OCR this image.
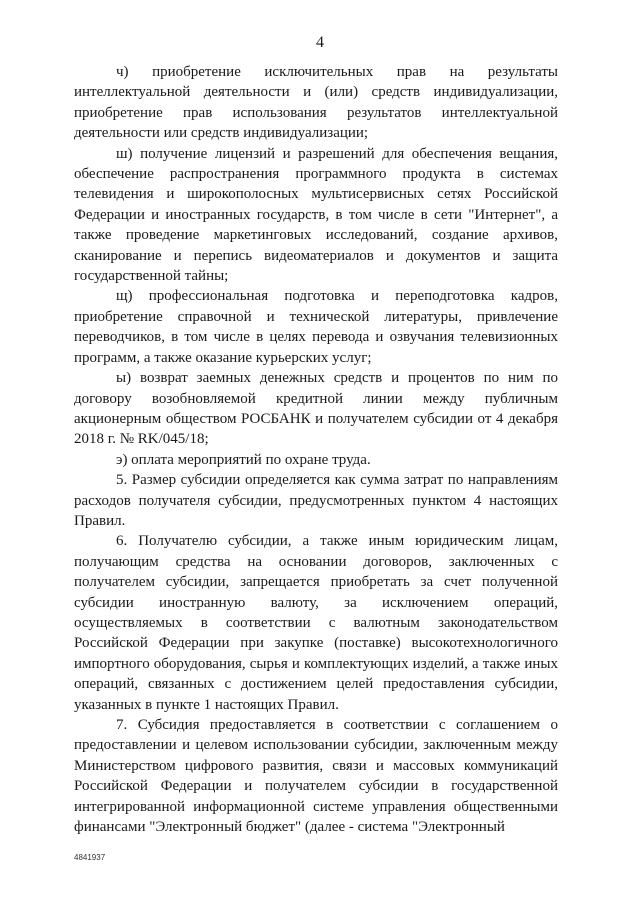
4

ч) приобретение исключительных прав на результаты интеллектуальной деятельности и (или) средств индивидуализации, приобретение прав использования результатов интеллектуальной деятельности или средств индивидуализации;

ш) получение лицензий и разрешений для обеспечения вещания, обеспечение распространения программного продукта в системах телевидения и широкополосных мультисервисных сетях Российской Федерации и иностранных государств, в том числе в сети "Интернет", а также проведение маркетинговых исследований, создание архивов, сканирование и перепись видеоматериалов и документов и защита государственной тайны;

щ) профессиональная подготовка и переподготовка кадров, приобретение справочной и технической литературы, привлечение переводчиков, в том числе в целях перевода и озвучания телевизионных программ, а также оказание курьерских услуг;

ы) возврат заемных денежных средств и процентов по ним по договору возобновляемой кредитной линии между публичным акционерным обществом РОСБАНК и получателем субсидии от 4 декабря 2018 г. № RK/045/18;

э) оплата мероприятий по охране труда.

5. Размер субсидии определяется как сумма затрат по направлениям расходов получателя субсидии, предусмотренных пунктом 4 настоящих Правил.

6. Получателю субсидии, а также иным юридическим лицам, получающим средства на основании договоров, заключенных с получателем субсидии, запрещается приобретать за счет полученной субсидии иностранную валюту, за исключением операций, осуществляемых в соответствии с валютным законодательством Российской Федерации при закупке (поставке) высокотехнологичного импортного оборудования, сырья и комплектующих изделий, а также иных операций, связанных с достижением целей предоставления субсидии, указанных в пункте 1 настоящих Правил.

7. Субсидия предоставляется в соответствии с соглашением о предоставлении и целевом использовании субсидии, заключенным между Министерством цифрового развития, связи и массовых коммуникаций Российской Федерации и получателем субсидии в государственной интегрированной информационной системе управления общественными финансами "Электронный бюджет" (далее - система "Электронный

4841937
